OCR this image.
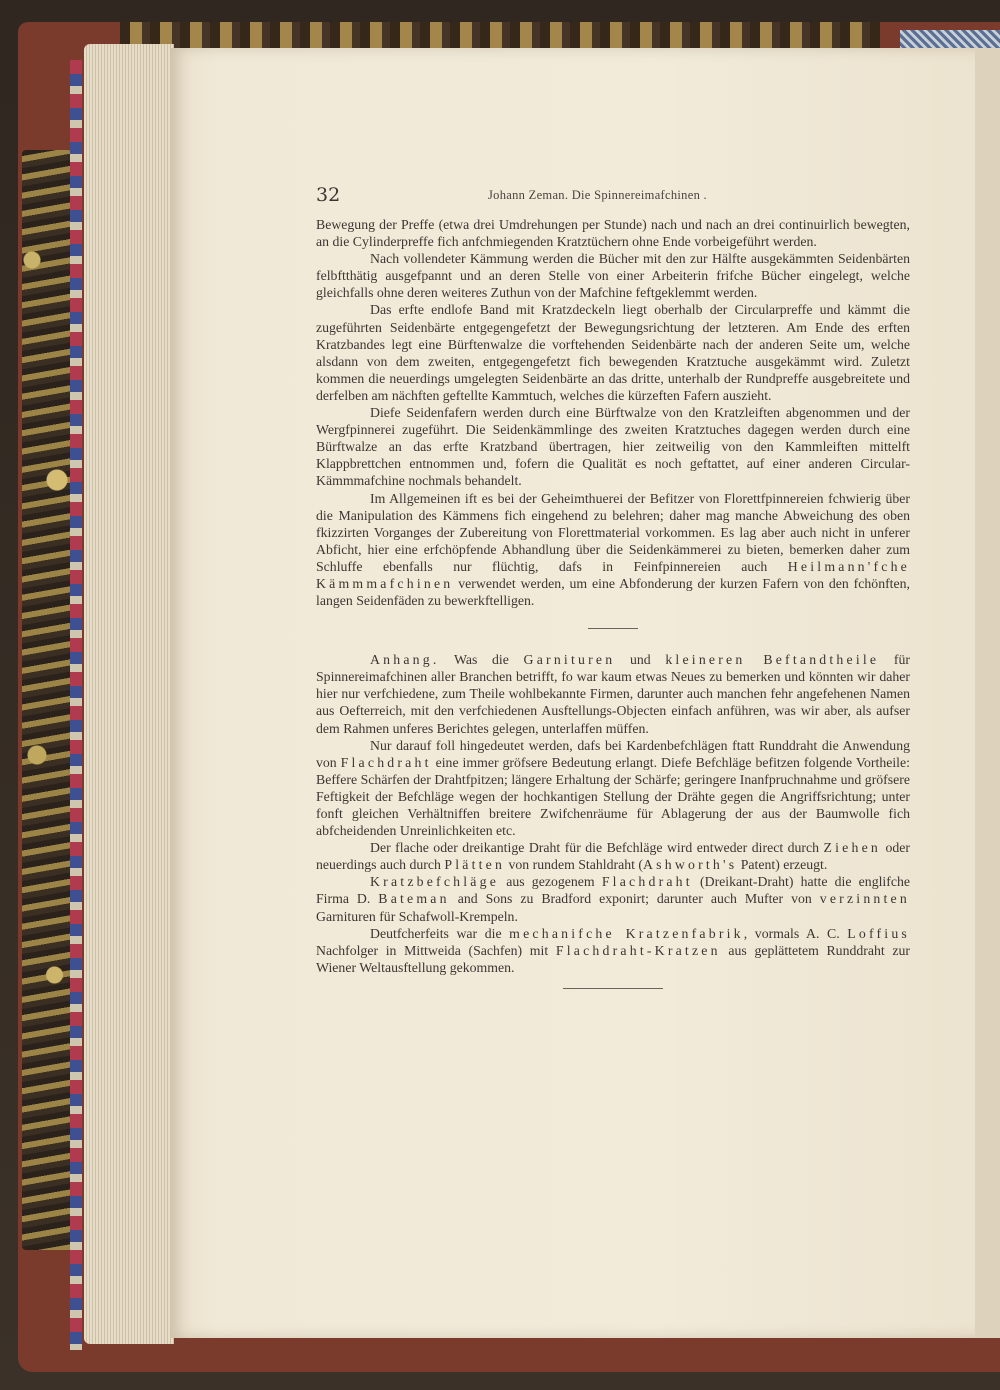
32	Johann Zeman. Die Spinnereimafchinen .

Bewegung der Preffe (etwa drei Umdrehungen per Stunde) nach und nach an drei continuirlich bewegten, an die Cylinderpreffe fich anfchmiegenden Kratztüchern ohne Ende vorbeigeführt werden.

Nach vollendeter Kämmung werden die Bücher mit den zur Hälfte ausgekämmten Seidenbärten felbftthätig ausgefpannt und an deren Stelle von einer Arbeiterin frifche Bücher eingelegt, welche gleichfalls ohne deren weiteres Zuthun von der Mafchine feftgeklemmt werden.

Das erfte endlofe Band mit Kratzdeckeln liegt oberhalb der Circularpreffe und kämmt die zugeführten Seidenbärte entgegengefetzt der Bewegungsrichtung der letzteren. Am Ende des erften Kratzbandes legt eine Bürftenwalze die vorftehenden Seidenbärte nach der anderen Seite um, welche alsdann von dem zweiten, entgegengefetzt fich bewegenden Kratztuche ausgekämmt wird. Zuletzt kommen die neuerdings umgelegten Seidenbärte an das dritte, unterhalb der Rundpreffe ausgebreitete und derfelben am nächften geftellte Kammtuch, welches die kürzeften Fafern auszieht.

Diefe Seidenfafern werden durch eine Bürftwalze von den Kratzleiften abgenommen und der Wergfpinnerei zugeführt. Die Seidenkämmlinge des zweiten Kratztuches dagegen werden durch eine Bürftwalze an das erfte Kratzband übertragen, hier zeitweilig von den Kammleiften mittelft Klappbrettchen entnommen und, fofern die Qualität es noch geftattet, auf einer anderen Circular-Kämmmafchine nochmals behandelt.

Im Allgemeinen ift es bei der Geheimthuerei der Befitzer von Florettfpinnereien fchwierig über die Manipulation des Kämmens fich eingehend zu belehren; daher mag manche Abweichung des oben fkizzirten Vorganges der Zubereitung von Florettmaterial vorkommen. Es lag aber auch nicht in unferer Abficht, hier eine erfchöpfende Abhandlung über die Seidenkämmerei zu bieten, bemerken daher zum Schluffe ebenfalls nur flüchtig, dafs in Feinfpinnereien auch Heilmann'fche Kämmmafchinen verwendet werden, um eine Abfonderung der kurzen Fafern von den fchönften, langen Seidenfäden zu bewerkftelligen.

Anhang. Was die Garnituren und kleineren Beftandtheile für Spinnereimafchinen aller Branchen betrifft, fo war kaum etwas Neues zu bemerken und könnten wir daher hier nur verfchiedene, zum Theile wohlbekannte Firmen, darunter auch manchen fehr angefehenen Namen aus Oefterreich, mit den verfchiedenen Ausftellungs-Objecten einfach anführen, was wir aber, als aufser dem Rahmen unferes Berichtes gelegen, unterlaffen müffen.

Nur darauf foll hingedeutet werden, dafs bei Kardenbefchlägen ftatt Runddraht die Anwendung von Flachdraht eine immer gröfsere Bedeutung erlangt. Diefe Befchläge befitzen folgende Vortheile: Beffere Schärfen der Drahtfpitzen; längere Erhaltung der Schärfe; geringere Inanfpruchnahme und gröfsere Feftigkeit der Befchläge wegen der hochkantigen Stellung der Drähte gegen die Angriffsrichtung; unter fonft gleichen Verhältniffen breitere Zwifchenräume für Ablagerung der aus der Baumwolle fich abfcheidenden Unreinlichkeiten etc.

Der flache oder dreikantige Draht für die Befchläge wird entweder direct durch Ziehen oder neuerdings auch durch Plätten von rundem Stahldraht (Ashworth's Patent) erzeugt.

Kratzbefchläge aus gezogenem Flachdraht (Dreikant-Draht) hatte die englifche Firma D. Bateman and Sons zu Bradford exponirt; darunter auch Mufter von verzinnten Garnituren für Schafwoll-Krempeln.

Deutfcherfeits war die mechanifche Kratzenfabrik, vormals A. C. Loffius Nachfolger in Mittweida (Sachfen) mit Flachdraht-Kratzen aus geplättetem Runddraht zur Wiener Weltausftellung gekommen.
